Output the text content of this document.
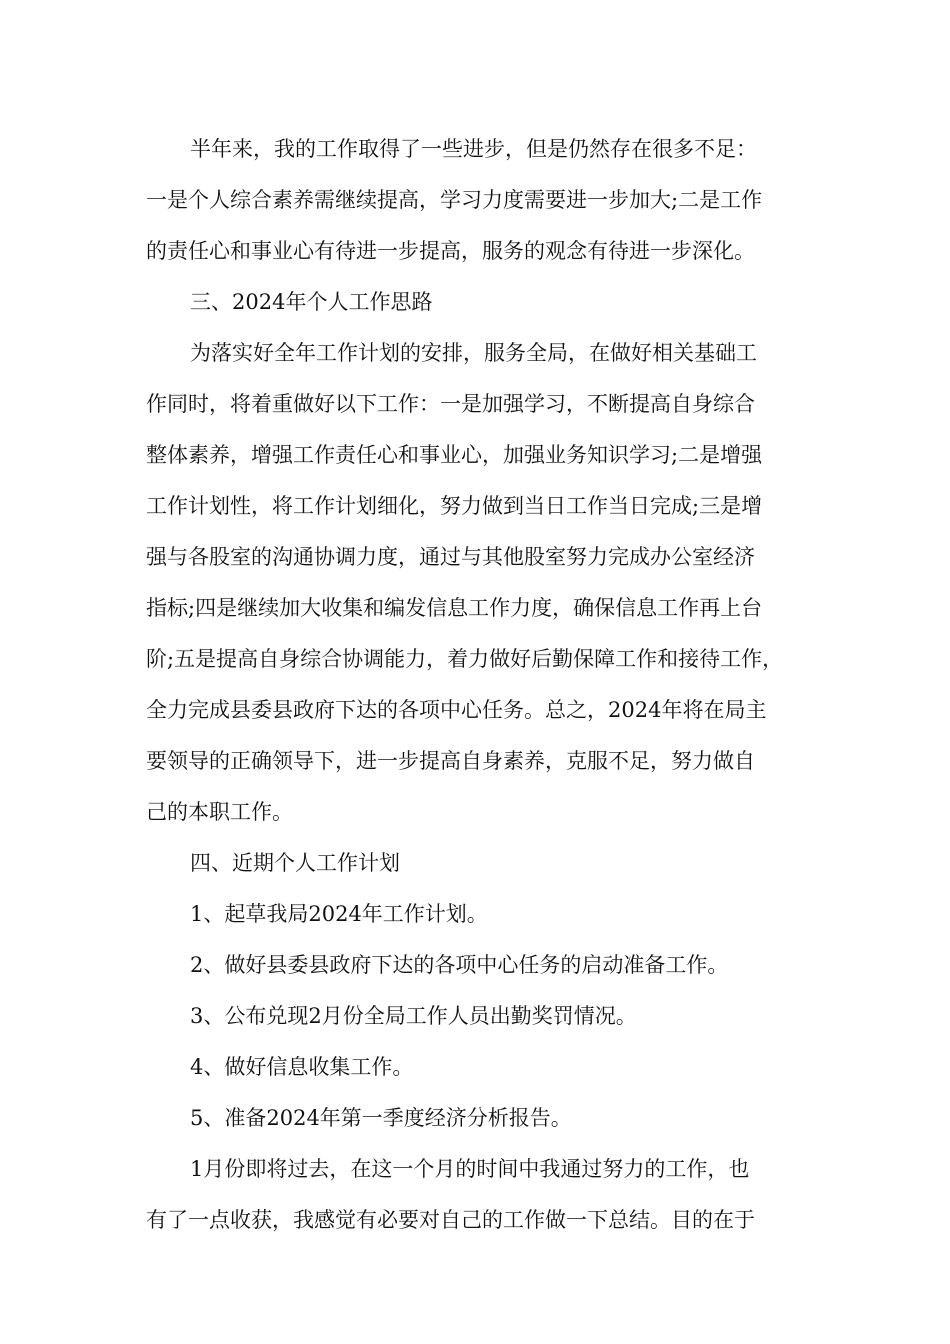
半年来，我的工作取得了一些进步，但是仍然存在很多不足：
一是个人综合素养需继续提高，学习力度需要进一步加大;二是工作
的责任心和事业心有待进一步提高，服务的观念有待进一步深化。
三、2024年个人工作思路
为落实好全年工作计划的安排，服务全局，在做好相关基础工
作同时，将着重做好以下工作：一是加强学习，不断提高自身综合
整体素养，增强工作责任心和事业心，加强业务知识学习;二是增强
工作计划性，将工作计划细化，努力做到当日工作当日完成;三是增
强与各股室的沟通协调力度，通过与其他股室努力完成办公室经济
指标;四是继续加大收集和编发信息工作力度，确保信息工作再上台
阶;五是提高自身综合协调能力，着力做好后勤保障工作和接待工作，
全力完成县委县政府下达的各项中心任务。总之，2024年将在局主
要领导的正确领导下，进一步提高自身素养，克服不足，努力做自
己的本职工作。
四、近期个人工作计划
1、起草我局2024年工作计划。
2、做好县委县政府下达的各项中心任务的启动准备工作。
3、公布兑现2月份全局工作人员出勤奖罚情况。
4、做好信息收集工作。
5、准备2024年第一季度经济分析报告。
1月份即将过去，在这一个月的时间中我通过努力的工作，也
有了一点收获，我感觉有必要对自己的工作做一下总结。目的在于
